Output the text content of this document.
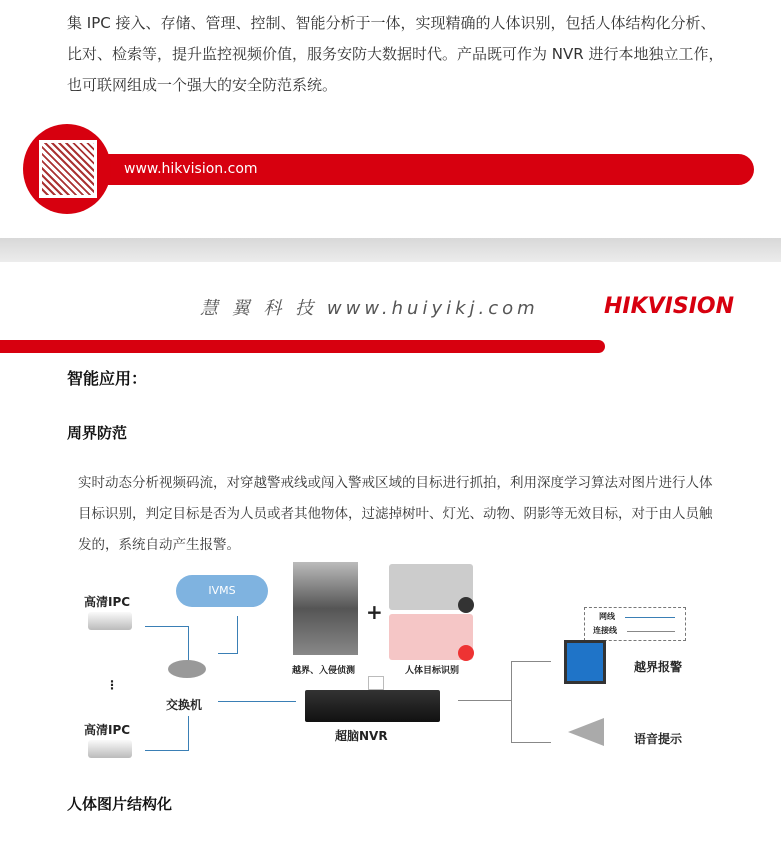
集 IPC 接入、存储、管理、控制、智能分析于一体，实现精确的人体识别，包括人体结构化分析、比对、检索等，提升监控视频价值，服务安防大数据时代。产品既可作为 NVR 进行本地独立工作，也可联网组成一个强大的安全防范系统。
www.hikvision.com
HIKVISION
慧 翼 科 技 www.huiyikj.com
智能应用：
周界防范
实时动态分析视频码流，对穿越警戒线或闯入警戒区域的目标进行抓拍，利用深度学习算法对图片进行人体目标识别，判定目标是否为人员或者其他物体，过滤掉树叶、灯光、动物、阴影等无效目标，对于由人员触发的，系统自动产生报警。
高清IPC
IVMS
⋮
交换机
高清IPC
+
越界、入侵侦测	人体目标识别
超脑NVR
网线
连接线
越界报警
语音提示
人体图片结构化
